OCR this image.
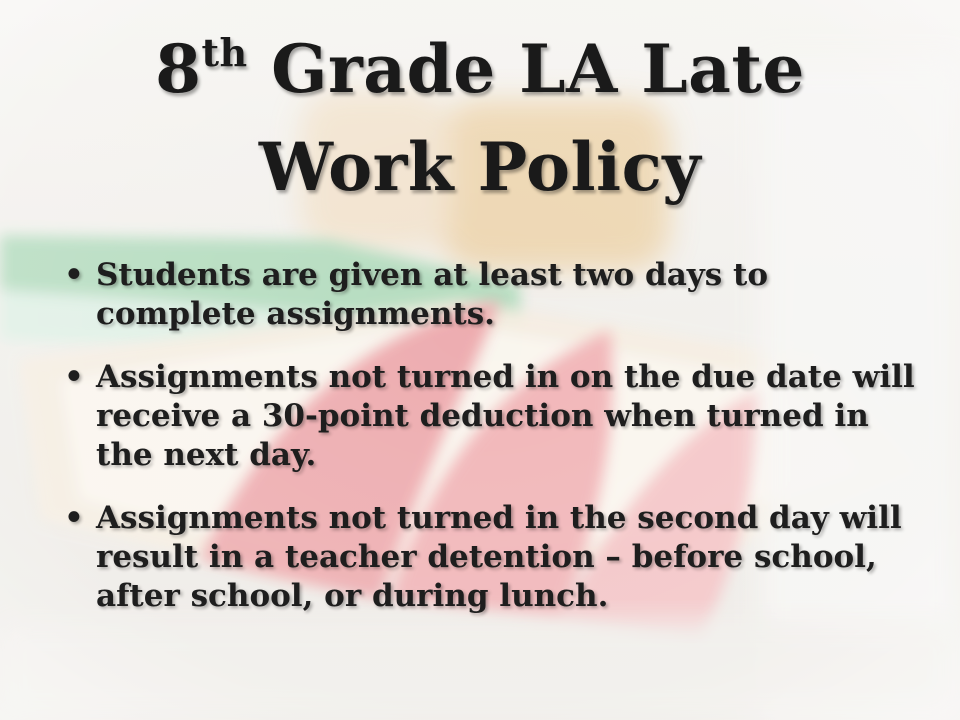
8th Grade LA Late
Work Policy
• Students are given at least two days to complete assignments.
• Assignments not turned in on the due date will receive a 30-point deduction when turned in the next day.
• Assignments not turned in the second day will result in a teacher detention – before school, after school, or during lunch.
